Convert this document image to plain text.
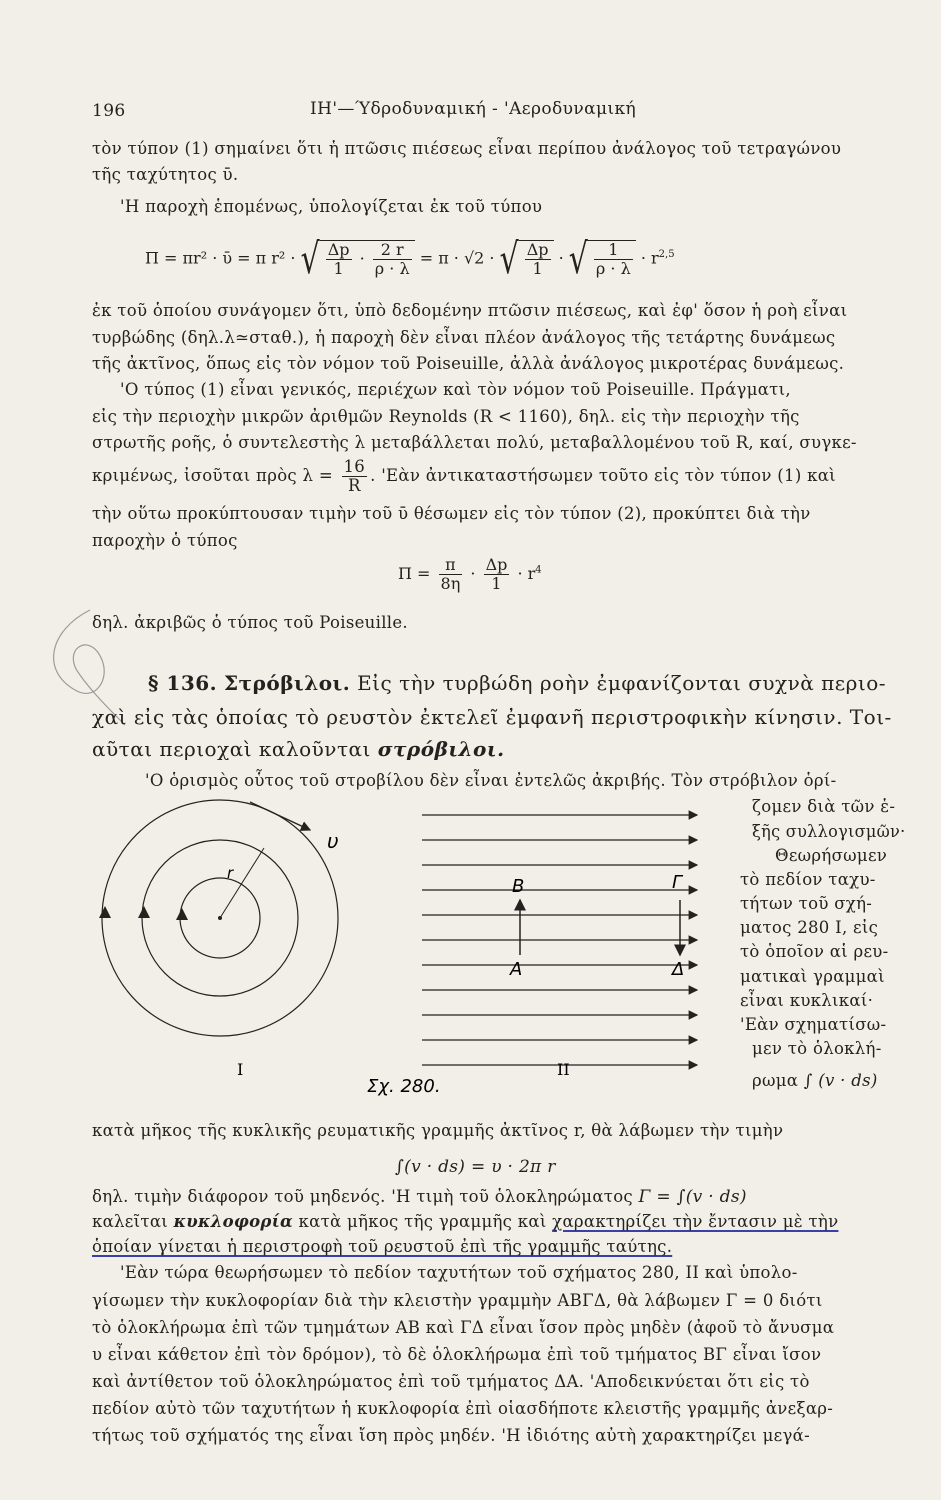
196	ΙΗ'—Ύδροδυναμική - 'Αεροδυναμική
τὸν τύπον (1) σημαίνει ὅτι ἡ πτῶσις πιέσεως εἶναι περίπου ἀνάλογος τοῦ τετραγώνου
τῆς ταχύτητος ῡ.
'Η παροχὴ ἑπομένως, ὑπολογίζεται ἐκ τοῦ τύπου
Π = πr² · ῡ = π r² · √ $\frac{\Delta p}{1} \cdot \frac{2 r}{\rho \cdot \lambda} = \pi \cdot √2$ · √ $\frac{\Delta p}{1}$ · √ $\frac{1}{\rho \cdot \lambda} \cdot r^{2,5}$
ἐκ τοῦ ὁποίου συνάγομεν ὅτι, ὑπὸ δεδομένην πτῶσιν πιέσεως, καὶ ἐφ' ὅσον ἡ ροὴ εἶναι
τυρβώδης (δηλ.λ≃σταθ.), ἡ παροχὴ δὲν εἶναι πλέον ἀνάλογος τῆς τετάρτης δυνάμεως
τῆς ἀκτῖνος, ὅπως εἰς τὸν νόμον τοῦ Poiseuille, ἀλλὰ ἀνάλογος μικροτέρας δυνάμεως.
'Ο τύπος (1) εἶναι γενικός, περιέχων καὶ τὸν νόμον τοῦ Poiseuille. Πράγματι,
εἰς τὴν περιοχὴν μικρῶν ἀριθμῶν Reynolds (R < 1160), δηλ. εἰς τὴν περιοχὴν τῆς
στρωτῆς ροῆς, ὁ συντελεστὴς λ μεταβάλλεται πολύ, μεταβαλλομένου τοῦ R, καί, συγκε-
κριμένως, ἰσοῦται πρὸς $\lambda = \frac{16}{R}$ . 'Εὰν ἀντικαταστήσωμεν τοῦτο εἰς τὸν τύπον (1) καὶ
τὴν οὕτω προκύπτουσαν τιμὴν τοῦ ῡ θέσωμεν εἰς τὸν τύπον (2), προκύπτει διὰ τὴν
παροχὴν ὁ τύπος
$\Pi = \frac{\pi}{8\eta} \cdot \frac{\Delta p}{1} \cdot r^4$
δηλ. ἀκριβῶς ὁ τύπος τοῦ Poiseuille.
§ 136. Στρόβιλοι. Εἰς τὴν τυρβώδη ροὴν ἐμφανίζονται συχνὰ περιο-
χαὶ εἰς τὰς ὁποίας τὸ ρευστὸν ἐκτελεῖ ἐμφανῆ περιστροφικὴν κίνησιν. Τοι-
αῦται περιοχαὶ καλοῦνται στρόβιλοι.
'Ο ὁρισμὸς οὗτος τοῦ στροβίλου δὲν εἶναι ἐντελῶς ἀκριβής. Τὸν στρόβιλον ὁρί-
ζομεν διὰ τῶν ἑ-
ξῆς συλλογισμῶν·
Θεωρήσωμεν
τὸ πεδίον ταχυ-
τήτων τοῦ σχή-
ματος 280 Ι, εἰς
τὸ ὁποῖον αἱ ρευ-
ματικαὶ γραμμαὶ
εἶναι κυκλικαί·
'Εὰν σχηματίσω-
μεν τὸ ὁλοκλή-
ρωμα ∫ (v · ds)
υ
r
I
B	Γ
A	Δ
II
Σχ. 280.
κατὰ μῆκος τῆς κυκλικῆς ρευματικῆς γραμμῆς ἀκτῖνος r, θὰ λάβωμεν τὴν τιμὴν
∫(v · ds) = υ · 2π r
δηλ. τιμὴν διάφορον τοῦ μηδενός. 'Η τιμὴ τοῦ ὁλοκληρώματος Γ = ∫(v · ds)
καλεῖται κυκλοφορία κατὰ μῆκος τῆς γραμμῆς καὶ χαρακτηρίζει τὴν ἔντασιν μὲ τὴν
ὁποίαν γίνεται ἡ περιστροφὴ τοῦ ρευστοῦ ἐπὶ τῆς γραμμῆς ταύτης.
'Εὰν τώρα θεωρήσωμεν τὸ πεδίον ταχυτήτων τοῦ σχήματος 280, ΙΙ καὶ ὑπολο-
γίσωμεν τὴν κυκλοφορίαν διὰ τὴν κλειστὴν γραμμὴν ΑΒΓΔ, θὰ λάβωμεν Γ = 0 διότι
τὸ ὁλοκλήρωμα ἐπὶ τῶν τμημάτων ΑΒ καὶ ΓΔ εἶναι ἴσον πρὸς μηδὲν (ἀφοῦ τὸ ἄνυσμα
υ εἶναι κάθετον ἐπὶ τὸν δρόμον), τὸ δὲ ὁλοκλήρωμα ἐπὶ τοῦ τμήματος ΒΓ εἶναι ἴσον
καὶ ἀντίθετον τοῦ ὁλοκληρώματος ἐπὶ τοῦ τμήματος ΔΑ. 'Αποδεικνύεται ὅτι εἰς τὸ
πεδίον αὐτὸ τῶν ταχυτήτων ἡ κυκλοφορία ἐπὶ οἱασδήποτε κλειστῆς γραμμῆς ἀνεξαρ-
τήτως τοῦ σχήματός της εἶναι ἴση πρὸς μηδέν. 'Η ἰδιότης αὐτὴ χαρακτηρίζει μεγά-
